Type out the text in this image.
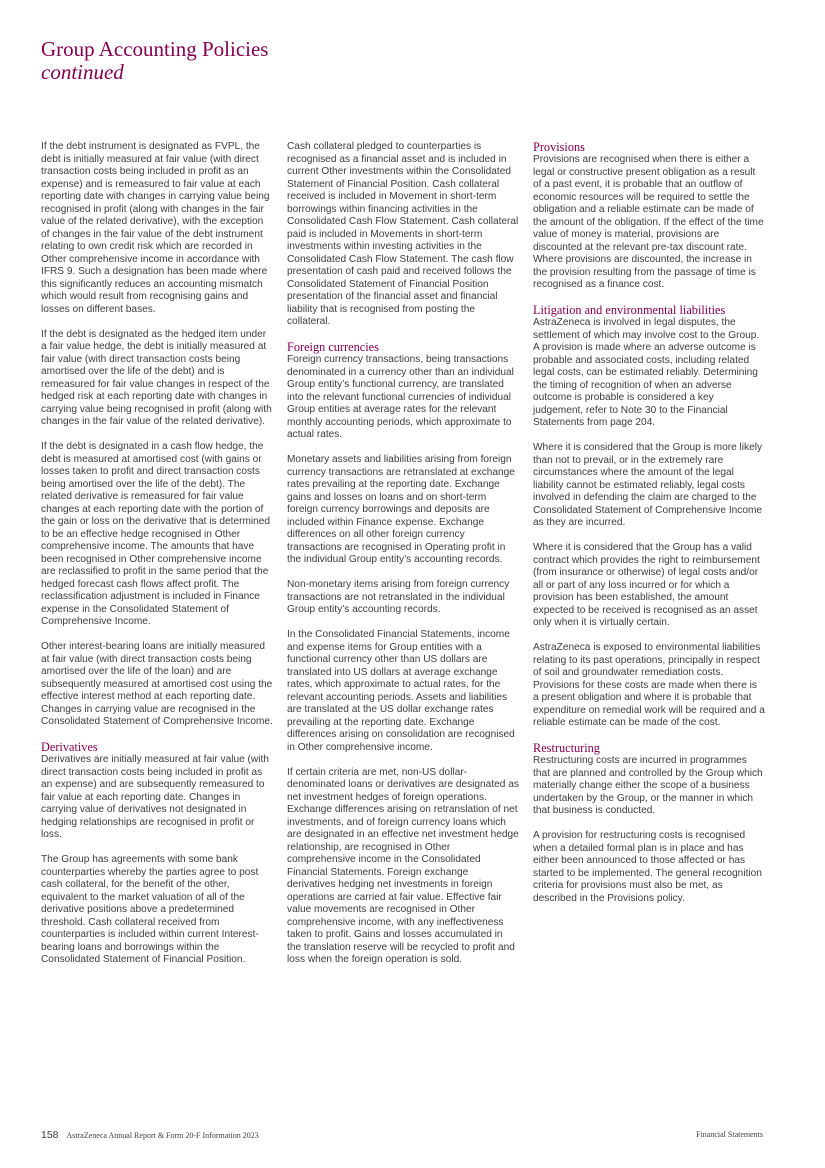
Group Accounting Policies
continued

If the debt instrument is designated as FVPL, the debt is initially measured at fair value (with direct transaction costs being included in profit as an expense) and is remeasured to fair value at each reporting date with changes in carrying value being recognised in profit (along with changes in the fair value of the related derivative), with the exception of changes in the fair value of the debt instrument relating to own credit risk which are recorded in Other comprehensive income in accordance with IFRS 9. Such a designation has been made where this significantly reduces an accounting mismatch which would result from recognising gains and losses on different bases.

If the debt is designated as the hedged item under a fair value hedge, the debt is initially measured at fair value (with direct transaction costs being amortised over the life of the debt) and is remeasured for fair value changes in respect of the hedged risk at each reporting date with changes in carrying value being recognised in profit (along with changes in the fair value of the related derivative).

If the debt is designated in a cash flow hedge, the debt is measured at amortised cost (with gains or losses taken to profit and direct transaction costs being amortised over the life of the debt). The related derivative is remeasured for fair value changes at each reporting date with the portion of the gain or loss on the derivative that is determined to be an effective hedge recognised in Other comprehensive income. The amounts that have been recognised in Other comprehensive income are reclassified to profit in the same period that the hedged forecast cash flows affect profit. The reclassification adjustment is included in Finance expense in the Consolidated Statement of Comprehensive Income.

Other interest-bearing loans are initially measured at fair value (with direct transaction costs being amortised over the life of the loan) and are subsequently measured at amortised cost using the effective interest method at each reporting date. Changes in carrying value are recognised in the Consolidated Statement of Comprehensive Income.

Derivatives

Derivatives are initially measured at fair value (with direct transaction costs being included in profit as an expense) and are subsequently remeasured to fair value at each reporting date. Changes in carrying value of derivatives not designated in hedging relationships are recognised in profit or loss.

The Group has agreements with some bank counterparties whereby the parties agree to post cash collateral, for the benefit of the other, equivalent to the market valuation of all of the derivative positions above a predetermined threshold. Cash collateral received from counterparties is included within current Interest-bearing loans and borrowings within the Consolidated Statement of Financial Position.

Cash collateral pledged to counterparties is recognised as a financial asset and is included in current Other investments within the Consolidated Statement of Financial Position. Cash collateral received is included in Movement in short-term borrowings within financing activities in the Consolidated Cash Flow Statement. Cash collateral paid is included in Movements in short-term investments within investing activities in the Consolidated Cash Flow Statement. The cash flow presentation of cash paid and received follows the Consolidated Statement of Financial Position presentation of the financial asset and financial liability that is recognised from posting the collateral.

Foreign currencies

Foreign currency transactions, being transactions denominated in a currency other than an individual Group entity’s functional currency, are translated into the relevant functional currencies of individual Group entities at average rates for the relevant monthly accounting periods, which approximate to actual rates.

Monetary assets and liabilities arising from foreign currency transactions are retranslated at exchange rates prevailing at the reporting date. Exchange gains and losses on loans and on short-term foreign currency borrowings and deposits are included within Finance expense. Exchange differences on all other foreign currency transactions are recognised in Operating profit in the individual Group entity’s accounting records.

Non-monetary items arising from foreign currency transactions are not retranslated in the individual Group entity’s accounting records.

In the Consolidated Financial Statements, income and expense items for Group entities with a functional currency other than US dollars are translated into US dollars at average exchange rates, which approximate to actual rates, for the relevant accounting periods. Assets and liabilities are translated at the US dollar exchange rates prevailing at the reporting date. Exchange differences arising on consolidation are recognised in Other comprehensive income.

If certain criteria are met, non-US dollar-denominated loans or derivatives are designated as net investment hedges of foreign operations. Exchange differences arising on retranslation of net investments, and of foreign currency loans which are designated in an effective net investment hedge relationship, are recognised in Other comprehensive income in the Consolidated Financial Statements. Foreign exchange derivatives hedging net investments in foreign operations are carried at fair value. Effective fair value movements are recognised in Other comprehensive income, with any ineffectiveness taken to profit. Gains and losses accumulated in the translation reserve will be recycled to profit and loss when the foreign operation is sold.

Provisions

Provisions are recognised when there is either a legal or constructive present obligation as a result of a past event, it is probable that an outflow of economic resources will be required to settle the obligation and a reliable estimate can be made of the amount of the obligation. If the effect of the time value of money is material, provisions are discounted at the relevant pre-tax discount rate. Where provisions are discounted, the increase in the provision resulting from the passage of time is recognised as a finance cost.

Litigation and environmental liabilities

AstraZeneca is involved in legal disputes, the settlement of which may involve cost to the Group. A provision is made where an adverse outcome is probable and associated costs, including related legal costs, can be estimated reliably. Determining the timing of recognition of when an adverse outcome is probable is considered a key judgement, refer to Note 30 to the Financial Statements from page 204.

Where it is considered that the Group is more likely than not to prevail, or in the extremely rare circumstances where the amount of the legal liability cannot be estimated reliably, legal costs involved in defending the claim are charged to the Consolidated Statement of Comprehensive Income as they are incurred.

Where it is considered that the Group has a valid contract which provides the right to reimbursement (from insurance or otherwise) of legal costs and/or all or part of any loss incurred or for which a provision has been established, the amount expected to be received is recognised as an asset only when it is virtually certain.

AstraZeneca is exposed to environmental liabilities relating to its past operations, principally in respect of soil and groundwater remediation costs. Provisions for these costs are made when there is a present obligation and where it is probable that expenditure on remedial work will be required and a reliable estimate can be made of the cost.

Restructuring

Restructuring costs are incurred in programmes that are planned and controlled by the Group which materially change either the scope of a business undertaken by the Group, or the manner in which that business is conducted.

A provision for restructuring costs is recognised when a detailed formal plan is in place and has either been announced to those affected or has started to be implemented. The general recognition criteria for provisions must also be met, as described in the Provisions policy.

158 AstraZeneca Annual Report & Form 20-F Information 2023	Financial Statements
